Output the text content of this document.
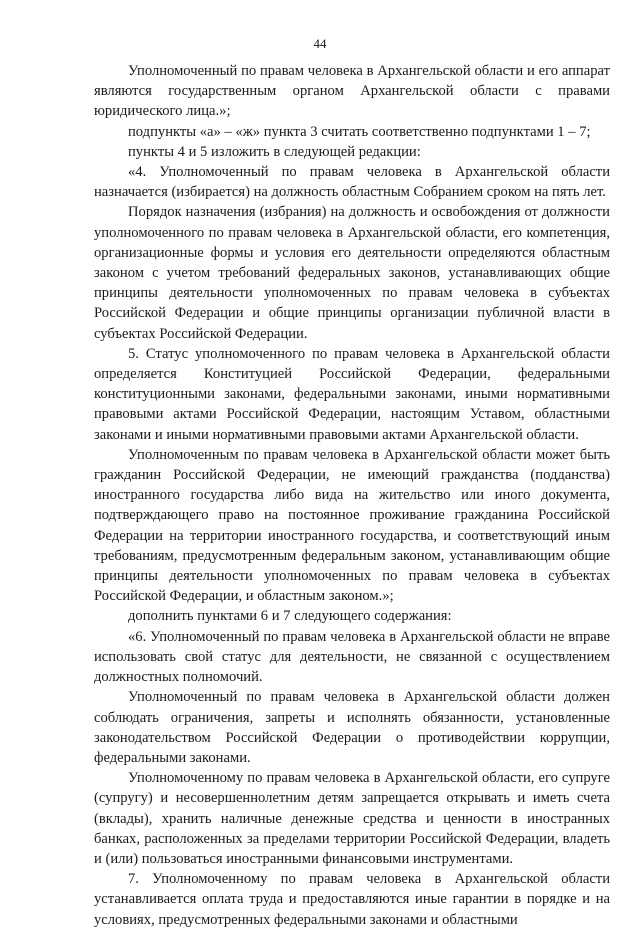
44

Уполномоченный по правам человека в Архангельской области и его аппарат являются государственным органом Архангельской области с правами юридического лица.»;

подпункты «а» – «ж» пункта 3 считать соответственно подпунктами 1 – 7;

пункты 4 и 5 изложить в следующей редакции:

«4. Уполномоченный по правам человека в Архангельской области назначается (избирается) на должность областным Собранием сроком на пять лет.

Порядок назначения (избрания) на должность и освобождения от должности уполномоченного по правам человека в Архангельской области, его компетенция, организационные формы и условия его деятельности определяются областным законом с учетом требований федеральных законов, устанавливающих общие принципы деятельности уполномоченных по правам человека в субъектах Российской Федерации и общие принципы организации публичной власти в субъектах Российской Федерации.

5. Статус уполномоченного по правам человека в Архангельской области определяется Конституцией Российской Федерации, федеральными конституционными законами, федеральными законами, иными нормативными правовыми актами Российской Федерации, настоящим Уставом, областными законами и иными нормативными правовыми актами Архангельской области.

Уполномоченным по правам человека в Архангельской области может быть гражданин Российской Федерации, не имеющий гражданства (подданства) иностранного государства либо вида на жительство или иного документа, подтверждающего право на постоянное проживание гражданина Российской Федерации на территории иностранного государства, и соответствующий иным требованиям, предусмотренным федеральным законом, устанавливающим общие принципы деятельности уполномоченных по правам человека в субъектах Российской Федерации, и областным законом.»;

дополнить пунктами 6 и 7 следующего содержания:

«6. Уполномоченный по правам человека в Архангельской области не вправе использовать свой статус для деятельности, не связанной с осуществлением должностных полномочий.

Уполномоченный по правам человека в Архангельской области должен соблюдать ограничения, запреты и исполнять обязанности, установленные законодательством Российской Федерации о противодействии коррупции, федеральными законами.

Уполномоченному по правам человека в Архангельской области, его супруге (супругу) и несовершеннолетним детям запрещается открывать и иметь счета (вклады), хранить наличные денежные средства и ценности в иностранных банках, расположенных за пределами территории Российской Федерации, владеть и (или) пользоваться иностранными финансовыми инструментами.

7. Уполномоченному по правам человека в Архангельской области устанавливается оплата труда и предоставляются иные гарантии в порядке и на условиях, предусмотренных федеральными законами и областными
